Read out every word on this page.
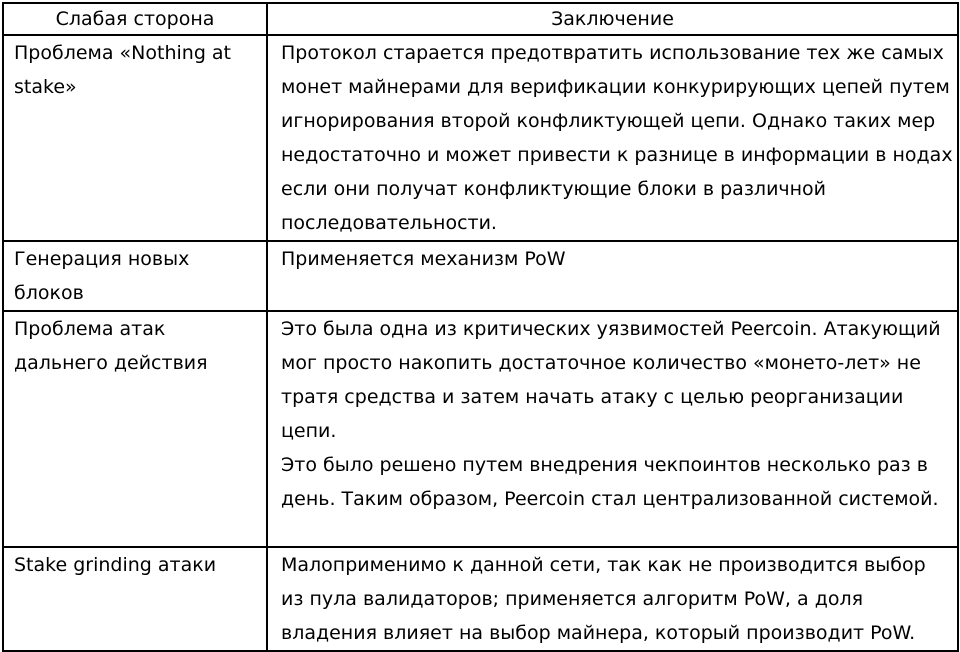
Слабая сторона	Заключение
Проблема «Nothing at stake»	Протокол старается предотвратить использование тех же самых монет майнерами для верификации конкурирующих цепей путем игнорирования второй конфликтующей цепи. Однако таких мер недостаточно и может привести к разнице в информации в нодах если они получат конфликтующие блоки в различной последовательности.

Генерация новых блоков	Применяется механизм PoW

Проблема атак дальнего действия	Это была одна из критических уязвимостей Peercoin. Атакующий мог просто накопить достаточное количество «монето-лет» не тратя средства и затем начать атаку с целью реорганизации цепи.
Это было решено путем внедрения чекпоинтов несколько раз в день. Таким образом, Peercoin стал централизованной системой.

Stake grinding атаки	Малоприменимо к данной сети, так как не производится выбор из пула валидаторов; применяется алгоритм PoW, а доля владения влияет на выбор майнера, который производит PoW.
